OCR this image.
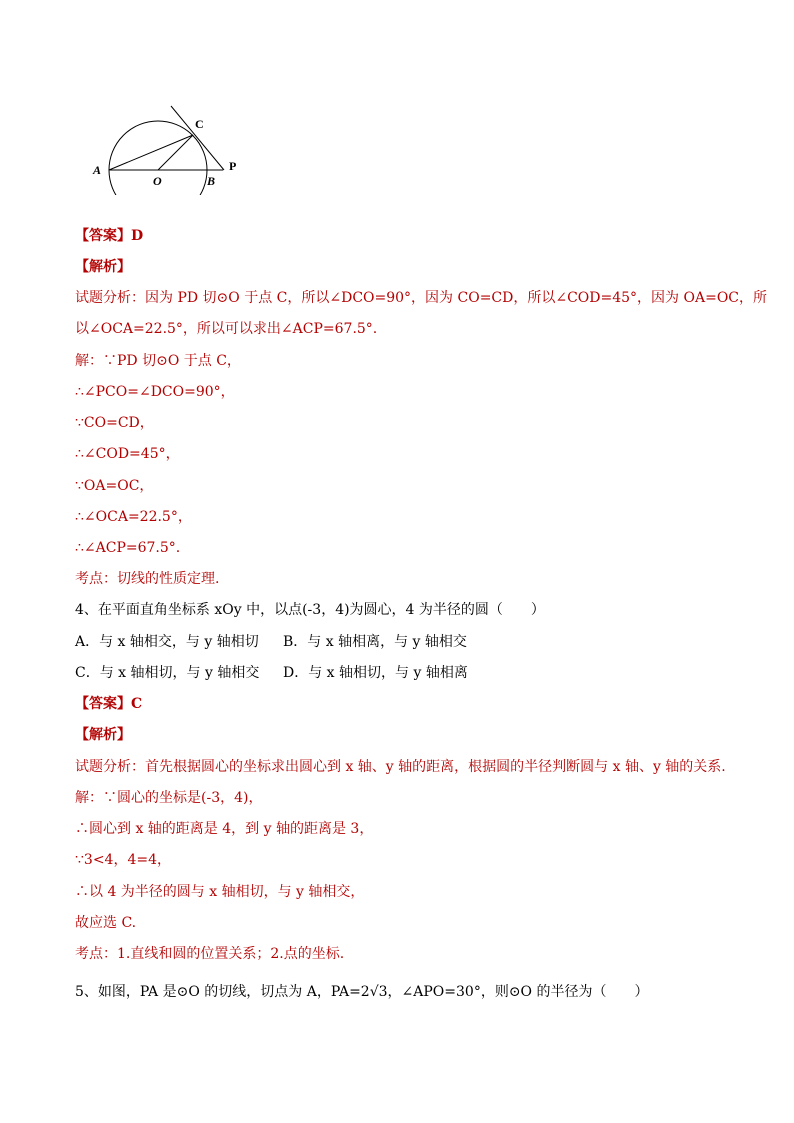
A
O	B
C
P
【答案】D
【解析】
试题分析：因为 PD 切⊙O 于点 C，所以∠DCO=90°，因为 CO=CD，所以∠COD=45°，因为 OA=OC，所
以∠OCA=22.5°，所以可以求出∠ACP=67.5°.
解：∵PD 切⊙O 于点 C，
∴∠PCO=∠DCO=90°，
∵CO=CD，
∴∠COD=45°，
∵OA=OC，
∴∠OCA=22.5°，
∴∠ACP=67.5°.
考点：切线的性质定理.
4、在平面直角坐标系 xOy 中，以点(-3，4)为圆心，4 为半径的圆（　　）
A．与 x 轴相交，与 y 轴相切 B．与 x 轴相离，与 y 轴相交
C．与 x 轴相切，与 y 轴相交 D．与 x 轴相切，与 y 轴相离
【答案】C
【解析】
试题分析：首先根据圆心的坐标求出圆心到 x 轴、y 轴的距离，根据圆的半径判断圆与 x 轴、y 轴的关系.
解：∵圆心的坐标是(-3，4)，
∴圆心到 x 轴的距离是 4，到 y 轴的距离是 3，
∵3<4，4=4，
∴以 4 为半径的圆与 x 轴相切，与 y 轴相交，
故应选 C.
考点：1.直线和圆的位置关系；2.点的坐标.
5、如图，PA 是⊙O 的切线，切点为 A，PA=2√3，∠APO=30°，则⊙O 的半径为（　　）
